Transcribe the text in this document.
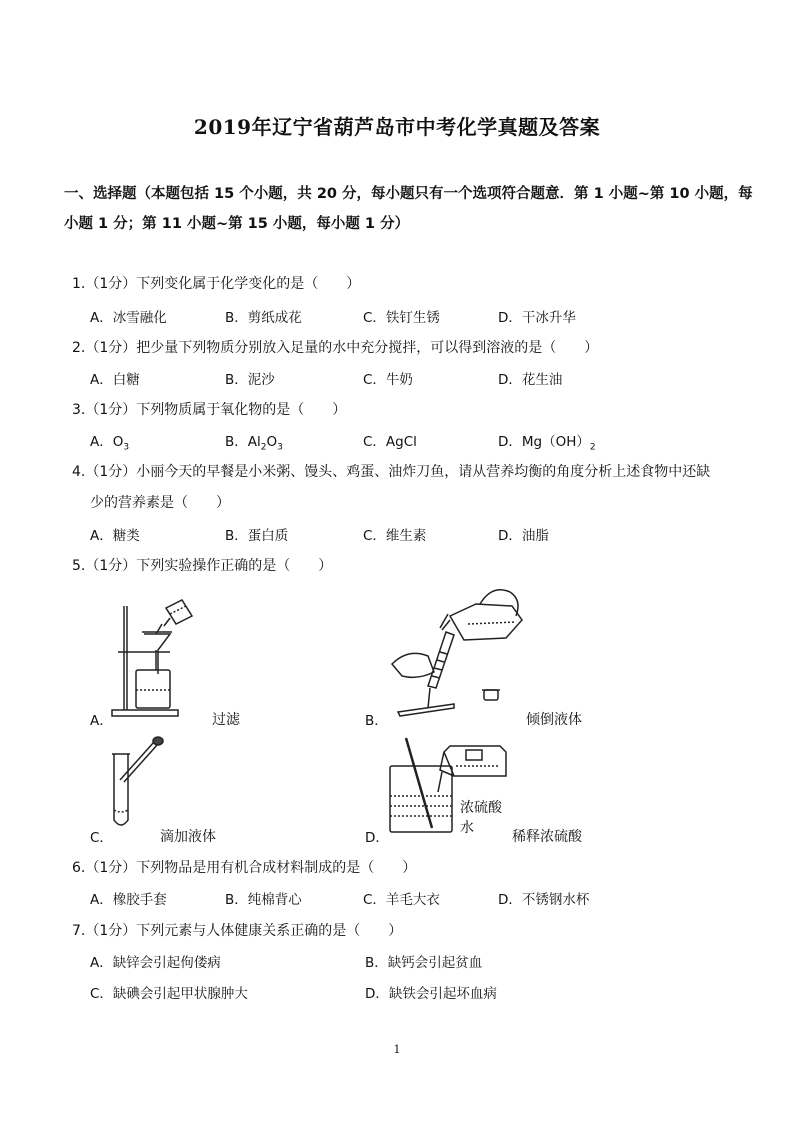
2019年辽宁省葫芦岛市中考化学真题及答案
一、选择题（本题包括 15 个小题，共 20 分，每小题只有一个选项符合题意．第 1 小题~第 10 小题，每
小题 1 分；第 11 小题~第 15 小题，每小题 1 分）
1.（1分）下列变化属于化学变化的是（　　）
A．冰雪融化	B．剪纸成花	C．铁钉生锈	D．干冰升华
2.（1分）把少量下列物质分别放入足量的水中充分搅拌，可以得到溶液的是（　　）
A．白糖	B．泥沙	C．牛奶	D．花生油
3.（1分）下列物质属于氧化物的是（　　）
A．$O_3$	B．$Al_2O_3$	C．AgCl	D．$Mg(OH)_2$
4.（1分）小丽今天的早餐是小米粥、馒头、鸡蛋、油炸刀鱼，请从营养均衡的角度分析上述食物中还缺
少的营养素是（　　）
A．糖类	B．蛋白质	C．维生素	D．油脂
5.（1分）下列实验操作正确的是（　　）
A．	过滤	B．	倾倒液体
C．	滴加液体
浓硫酸
水
D．	稀释浓硫酸
6.（1分）下列物品是用有机合成材料制成的是（　　）
A．橡胶手套	B．纯棉背心	C．羊毛大衣	D．不锈钢水杯
7.（1分）下列元素与人体健康关系正确的是（　　）
A．缺锌会引起佝偻病	B．缺钙会引起贫血
C．缺碘会引起甲状腺肿大	D．缺铁会引起坏血病
1
